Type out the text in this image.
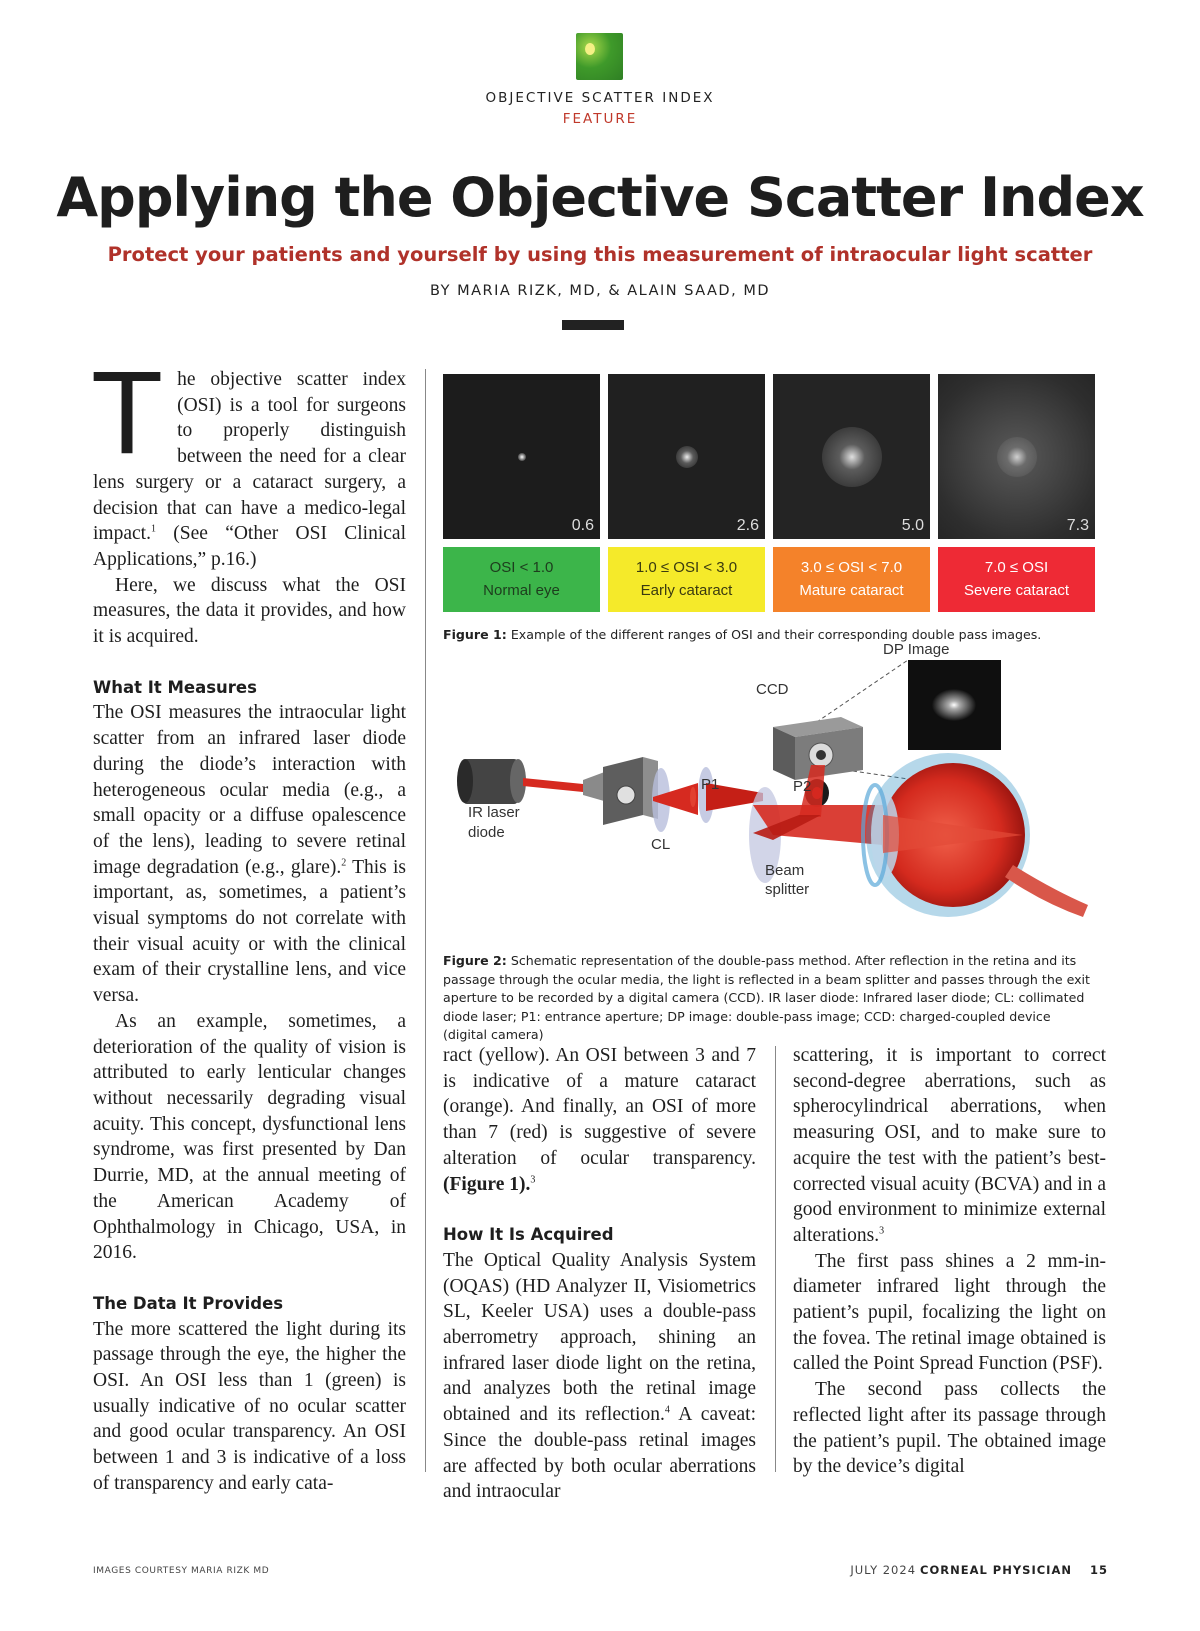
OBJECTIVE SCATTER INDEX
FEATURE
Applying the Objective Scatter Index
Protect your patients and yourself by using this measurement of intraocular light scatter
BY MARIA RIZK, MD, & ALAIN SAAD, MD

The objective scatter index (OSI) is a tool for surgeons to properly distinguish between the need for a clear lens surgery or a cataract surgery, a decision that can have a medico-legal impact.$^1$ (See “Other OSI Clinical Applications,” p.16.)

Here, we discuss what the OSI measures, the data it provides, and how it is acquired.

What It Measures

The OSI measures the intraocular light scatter from an infrared laser diode during the diode’s interaction with heterogeneous ocular media (e.g., a small opacity or a diffuse opalescence of the lens), leading to severe retinal image degradation (e.g., glare).$^2$ This is important, as, sometimes, a patient’s visual symptoms do not correlate with their visual acuity or with the clinical exam of their crystalline lens, and vice versa.

As an example, sometimes, a deterioration of the quality of vision is attributed to early lenticular changes without necessarily degrading visual acuity. This concept, dysfunctional lens syndrome, was first presented by Dan Durrie, MD, at the annual meeting of the American Academy of Ophthalmology in Chicago, USA, in 2016.

The Data It Provides

The more scattered the light during its passage through the eye, the higher the OSI. An OSI less than 1 (green) is usually indicative of no ocular scatter and good ocular transparency. An OSI between 1 and 3 is indicative of a loss of transparency and early cata-

0.6	2.6	5.0	7.3
OSI < 1.0
Normal eye
1.0 ≤ OSI < 3.0
Early cataract
3.0 ≤ OSI < 7.0
Mature cataract
7.0 ≤ OSI
Severe cataract
Figure 1: Example of the different ranges of OSI and their corresponding double pass images.
DP Image
CCD
P1	P2
IR laser
diode
CL
Beam
splitter
Figure 2: Schematic representation of the double-pass method. After reflection in the retina and its passage through the ocular media, the light is reflected in a beam splitter and passes through the exit aperture to be recorded by a digital camera (CCD). IR laser diode: Infrared laser diode; CL: collimated diode laser; P1: entrance aperture; DP image: double-pass image; CCD: charged-coupled device (digital camera)

ract (yellow). An OSI between 3 and 7 is indicative of a mature cataract (orange). And finally, an OSI of more than 7 (red) is suggestive of severe alteration of ocular transparency. (Figure 1).$^3$

How It Is Acquired

The Optical Quality Analysis System (OQAS) (HD Analyzer II, Visiometrics SL, Keeler USA) uses a double-pass aberrometry approach, shining an infrared laser diode light on the retina, and analyzes both the retinal image obtained and its reflection.$^4$ A caveat: Since the double-pass retinal images are affected by both ocular aberrations and intraocular

scattering, it is important to correct second-degree aberrations, such as spherocylindrical aberrations, when measuring OSI, and to make sure to acquire the test with the patient’s best-corrected visual acuity (BCVA) and in a good environment to minimize external alterations.$^3$

The first pass shines a 2 mm-in-diameter infrared light through the patient’s pupil, focalizing the light on the fovea. The retinal image obtained is called the Point Spread Function (PSF).

The second pass collects the reflected light after its passage through the patient’s pupil. The obtained image by the device’s digital

IMAGES COURTESY MARIA RIZK MD	JULY 2024 CORNEAL PHYSICIAN 15
